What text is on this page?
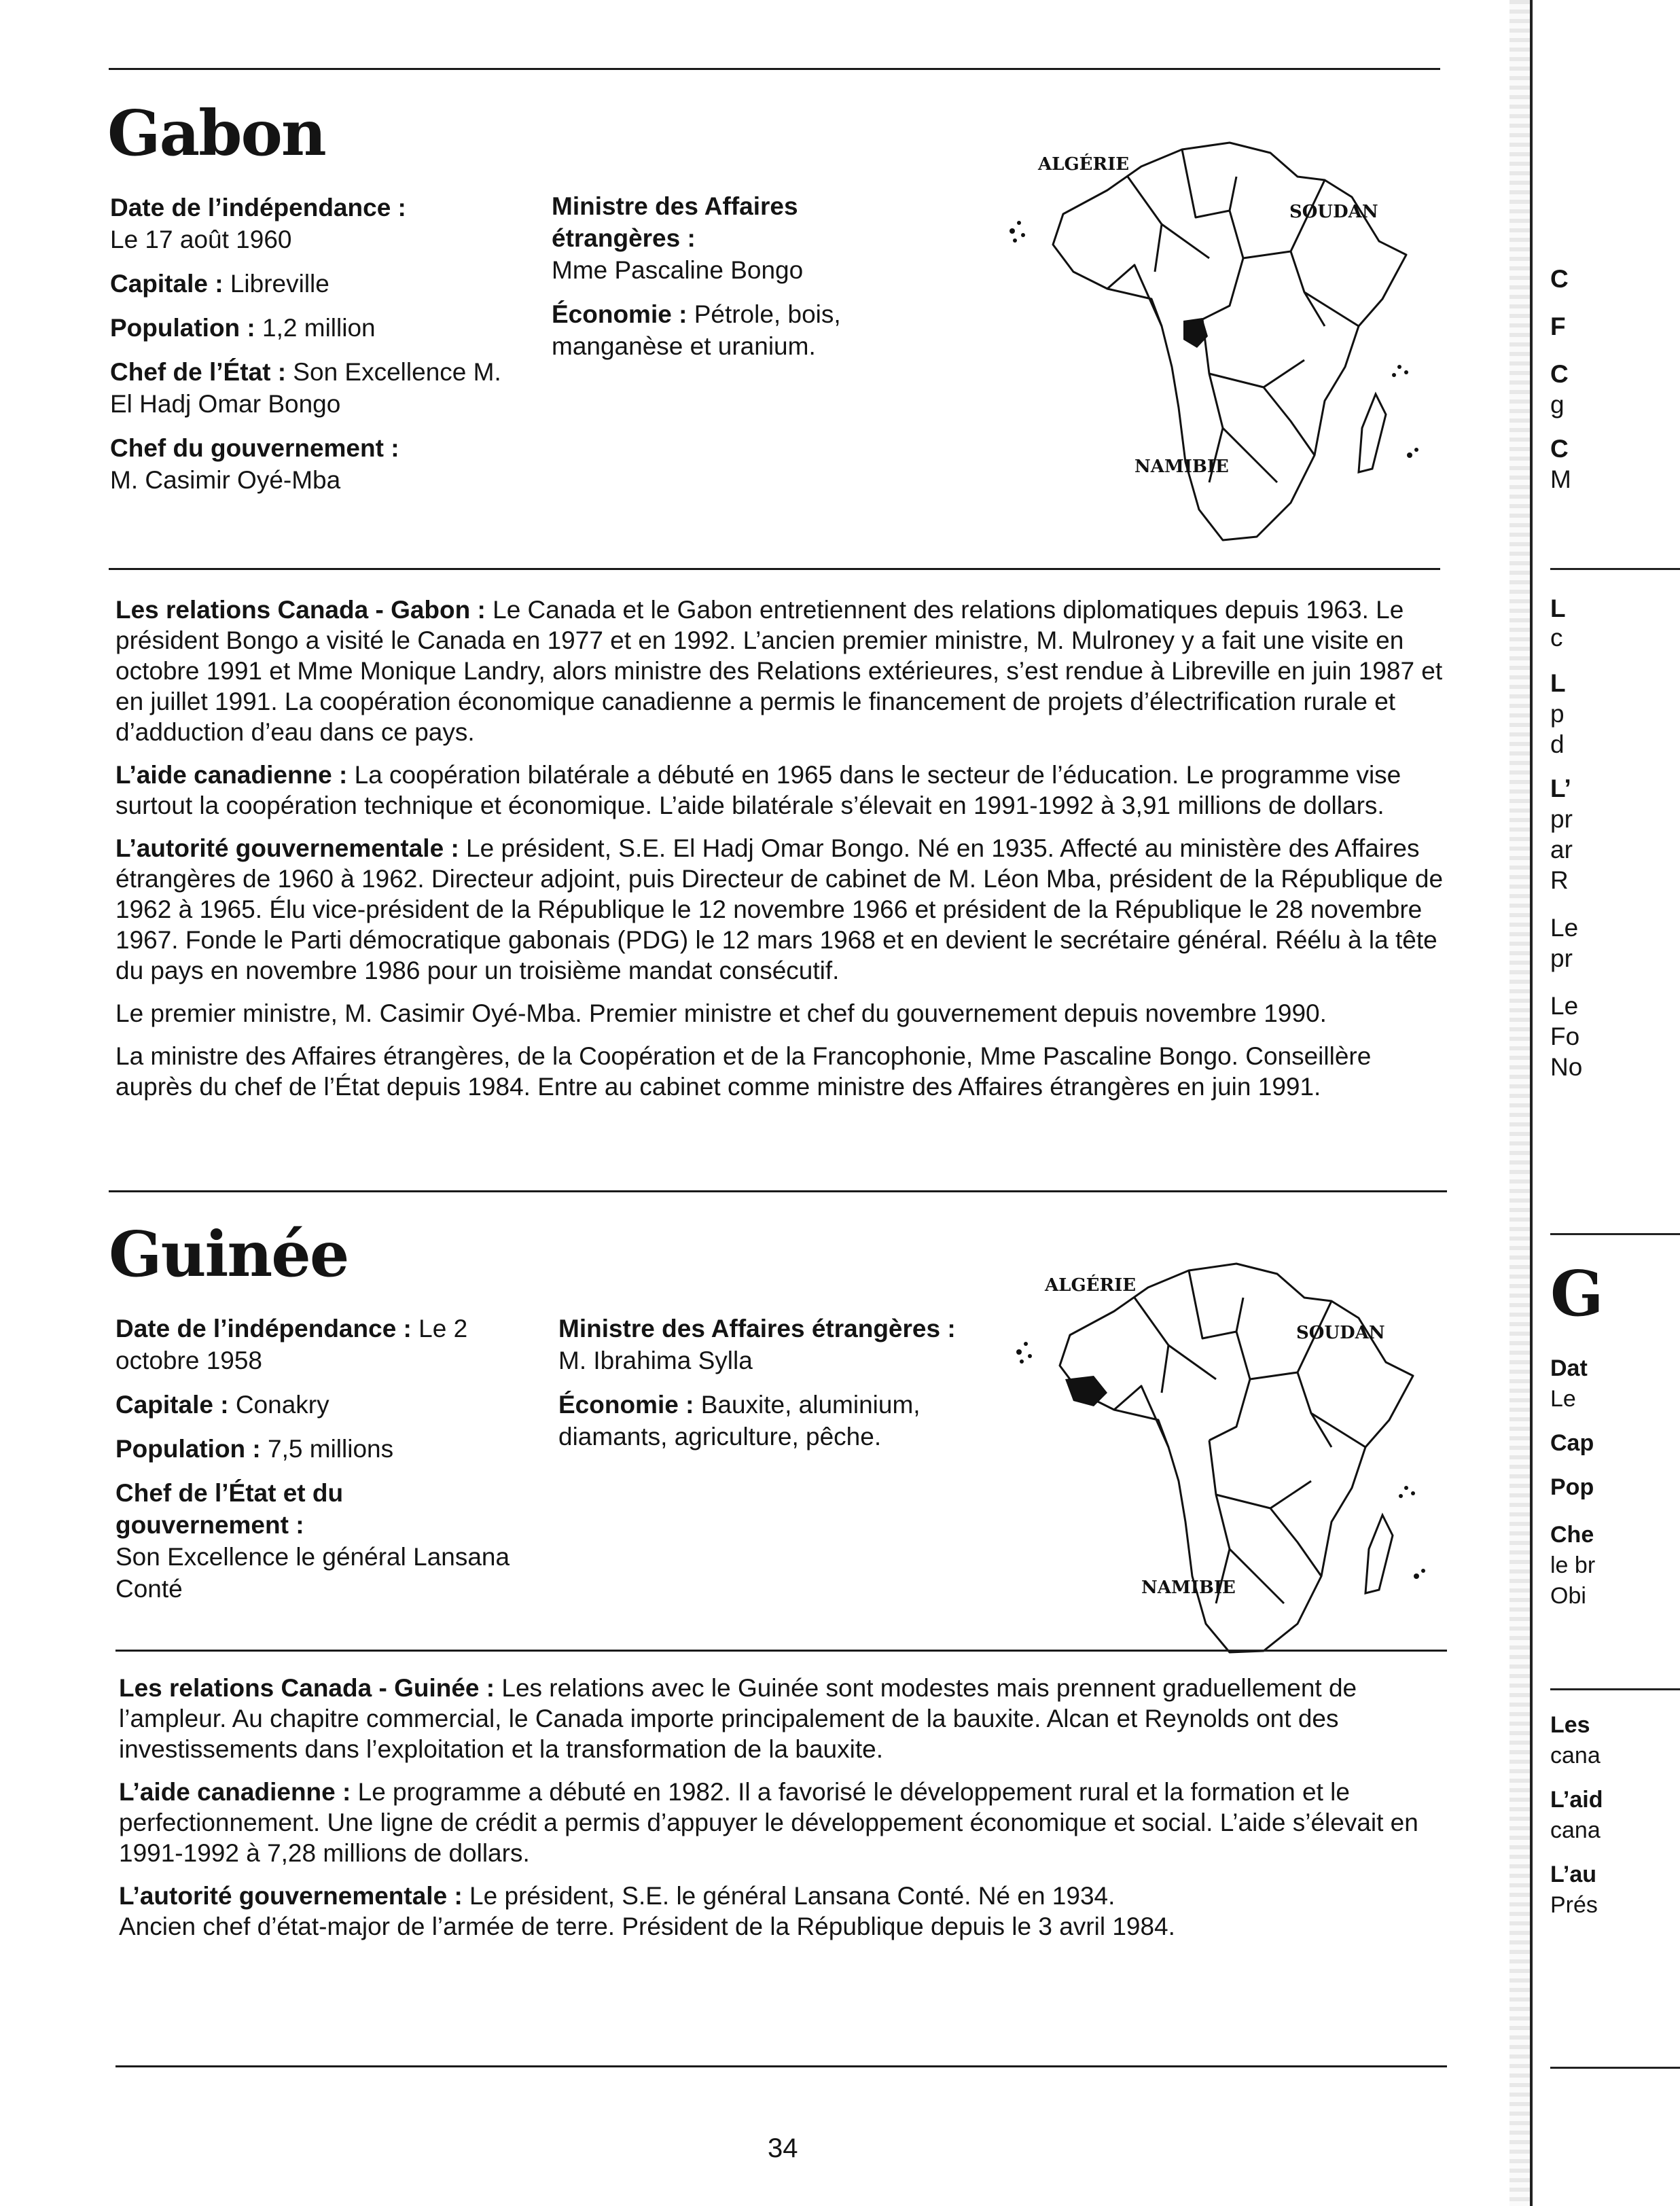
Gabon

Date de l’indépendance :
Le 17 août 1960

Capitale : Libreville

Population : 1,2 million

Chef de l’État : Son Excellence M. El Hadj Omar Bongo

Chef du gouvernement :
M. Casimir Oyé-Mba

Ministre des Affaires étrangères :
Mme Pascaline Bongo

Économie : Pétrole, bois, manganèse et uranium.

ALGÉRIE
SOUDAN
NAMIBIE

Les relations Canada - Gabon : Le Canada et le Gabon entretiennent des relations diplomatiques depuis 1963. Le président Bongo a visité le Canada en 1977 et en 1992. L’ancien premier ministre, M. Mulroney y a fait une visite en octobre 1991 et Mme Monique Landry, alors ministre des Relations extérieures, s’est rendue à Libreville en juin 1987 et en juillet 1991. La coopération économique canadienne a permis le financement de projets d’électrification rurale et d’adduction d’eau dans ce pays.

L’aide canadienne : La coopération bilatérale a débuté en 1965 dans le secteur de l’éducation. Le programme vise surtout la coopération technique et économique. L’aide bilatérale s’élevait en 1991-1992 à 3,91 millions de dollars.

L’autorité gouvernementale : Le président, S.E. El Hadj Omar Bongo. Né en 1935. Affecté au ministère des Affaires étrangères de 1960 à 1962. Directeur adjoint, puis Directeur de cabinet de M. Léon Mba, président de la République de 1962 à 1965. Élu vice-président de la République le 12 novembre 1966 et président de la République le 28 novembre 1967. Fonde le Parti démocratique gabonais (PDG) le 12 mars 1968 et en devient le secrétaire général. Réélu à la tête du pays en novembre 1986 pour un troisième mandat consécutif.

Le premier ministre, M. Casimir Oyé-Mba. Premier ministre et chef du gouvernement depuis novembre 1990.

La ministre des Affaires étrangères, de la Coopération et de la Francophonie, Mme Pascaline Bongo. Conseillère auprès du chef de l’État depuis 1984. Entre au cabinet comme ministre des Affaires étrangères en juin 1991.

Guinée

Date de l’indépendance : Le 2 octobre 1958

Capitale : Conakry

Population : 7,5 millions

Chef de l’État et du gouvernement :
Son Excellence le général Lansana Conté

Ministre des Affaires étrangères : M. Ibrahima Sylla

Économie : Bauxite, aluminium, diamants, agriculture, pêche.

ALGÉRIE
SOUDAN
NAMIBIE

Les relations Canada - Guinée : Les relations avec le Guinée sont modestes mais prennent graduellement de l’ampleur. Au chapitre commercial, le Canada importe principalement de la bauxite. Alcan et Reynolds ont des investissements dans l’exploitation et la transformation de la bauxite.

L’aide canadienne : Le programme a débuté en 1982. Il a favorisé le développement rural et la formation et le perfectionnement. Une ligne de crédit a permis d’appuyer le développement économique et social. L’aide s’élevait en 1991-1992 à 7,28 millions de dollars.

L’autorité gouvernementale : Le président, S.E. le général Lansana Conté. Né en 1934.

Ancien chef d’état-major de l’armée de terre. Président de la République depuis le 3 avril 1984.

34
C
F
C
g
C
M
L
c
L
p
d
L’
pr
ar
R
Le
pr
Le
Fo
No
G
Dat
Le
Cap
Pop
Che
le br
Obi
Les
cana
L’aid
cana
L’au
Prés
